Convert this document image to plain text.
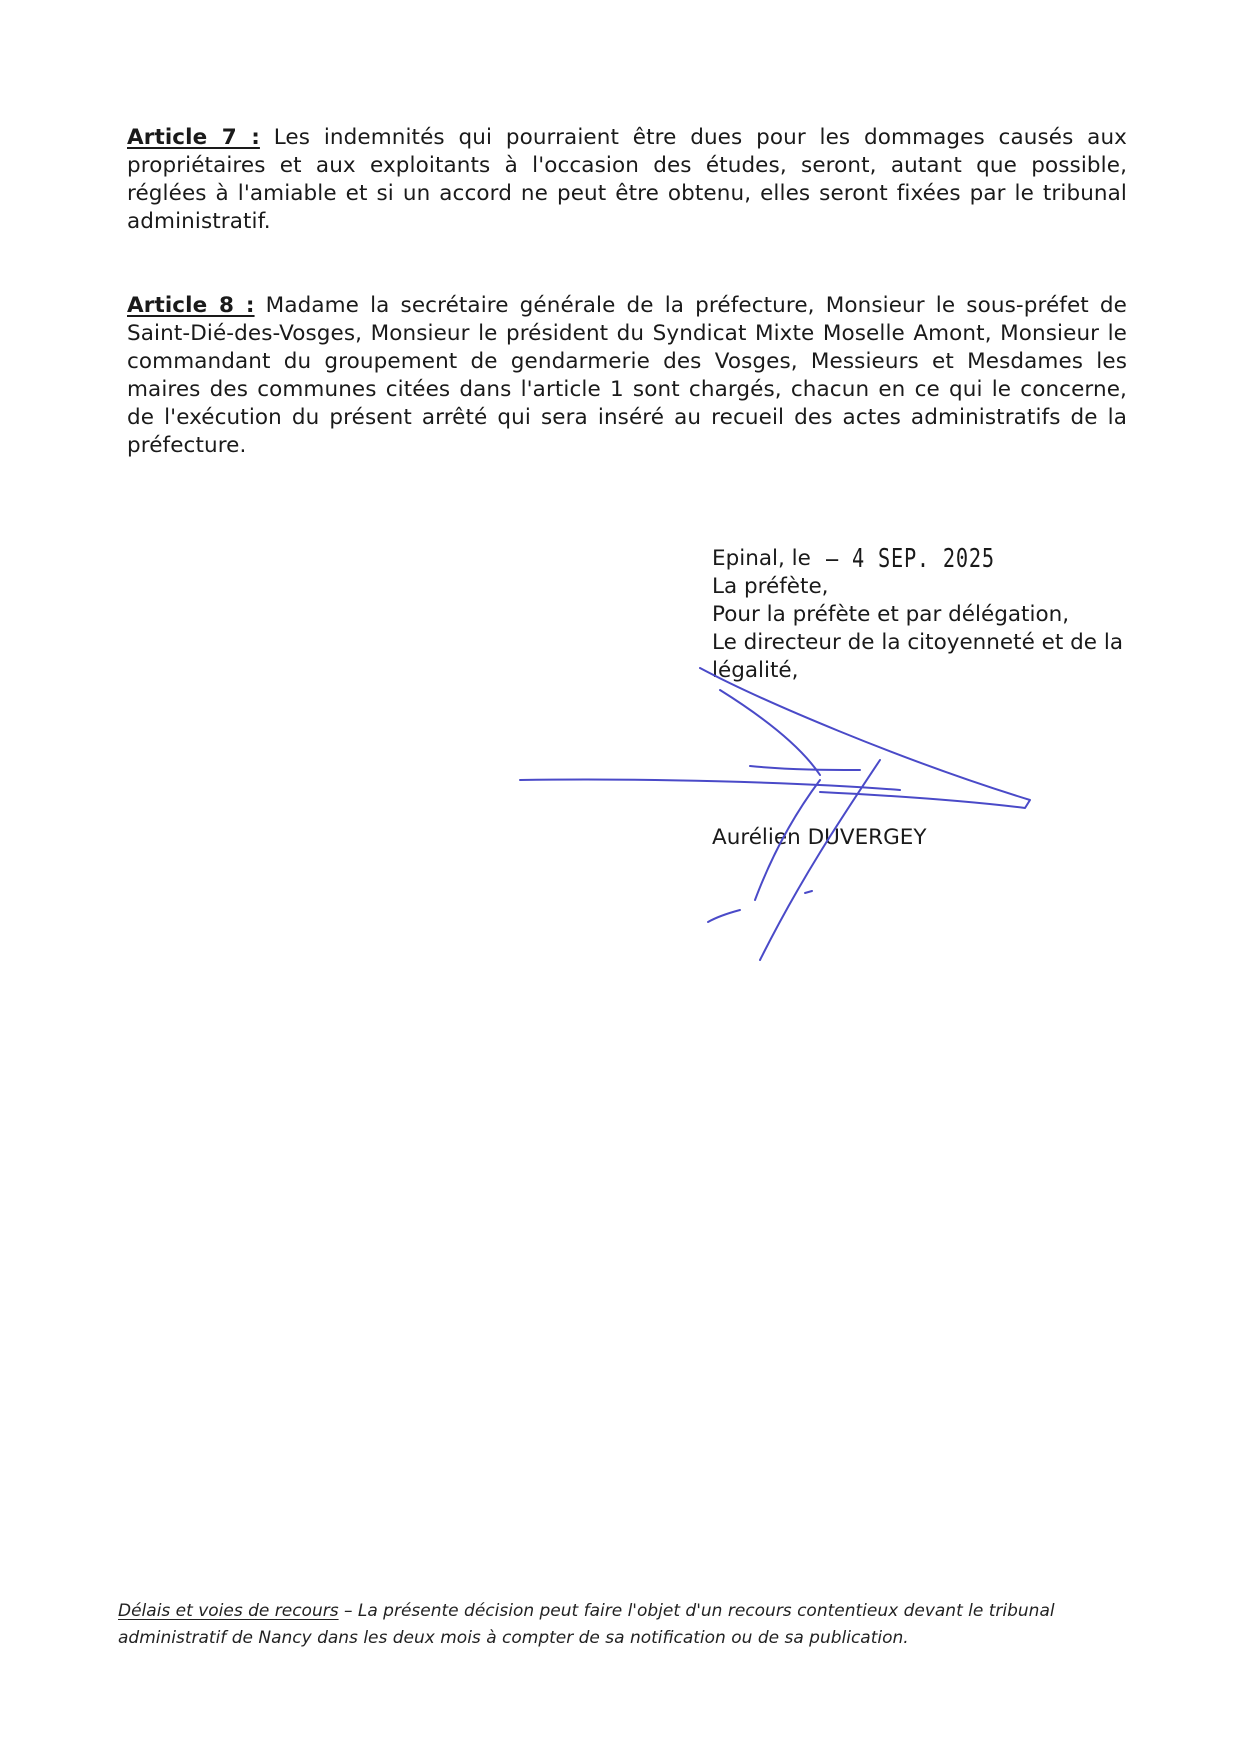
Article 7 : Les indemnités qui pourraient être dues pour les dommages causés aux propriétaires et aux exploitants à l'occasion des études, seront, autant que possible, réglées à l'amiable et si un accord ne peut être obtenu, elles seront fixées par le tribunal administratif.
Article 8 : Madame la secrétaire générale de la préfecture, Monsieur le sous-préfet de Saint-Dié-des-Vosges, Monsieur le président du Syndicat Mixte Moselle Amont, Monsieur le commandant du groupement de gendarmerie des Vosges, Messieurs et Mesdames les maires des communes citées dans l'article 1 sont chargés, chacun en ce qui le concerne, de l'exécution du présent arrêté qui sera inséré au recueil des actes administratifs de la préfecture.
Epinal, le – 4 SEP. 2025
La préfète,
Pour la préfète et par délégation,
Le directeur de la citoyenneté et de la légalité,
Aurélien DUVERGEY
Délais et voies de recours – La présente décision peut faire l'objet d'un recours contentieux devant le tribunal administratif de Nancy dans les deux mois à compter de sa notification ou de sa publication.
